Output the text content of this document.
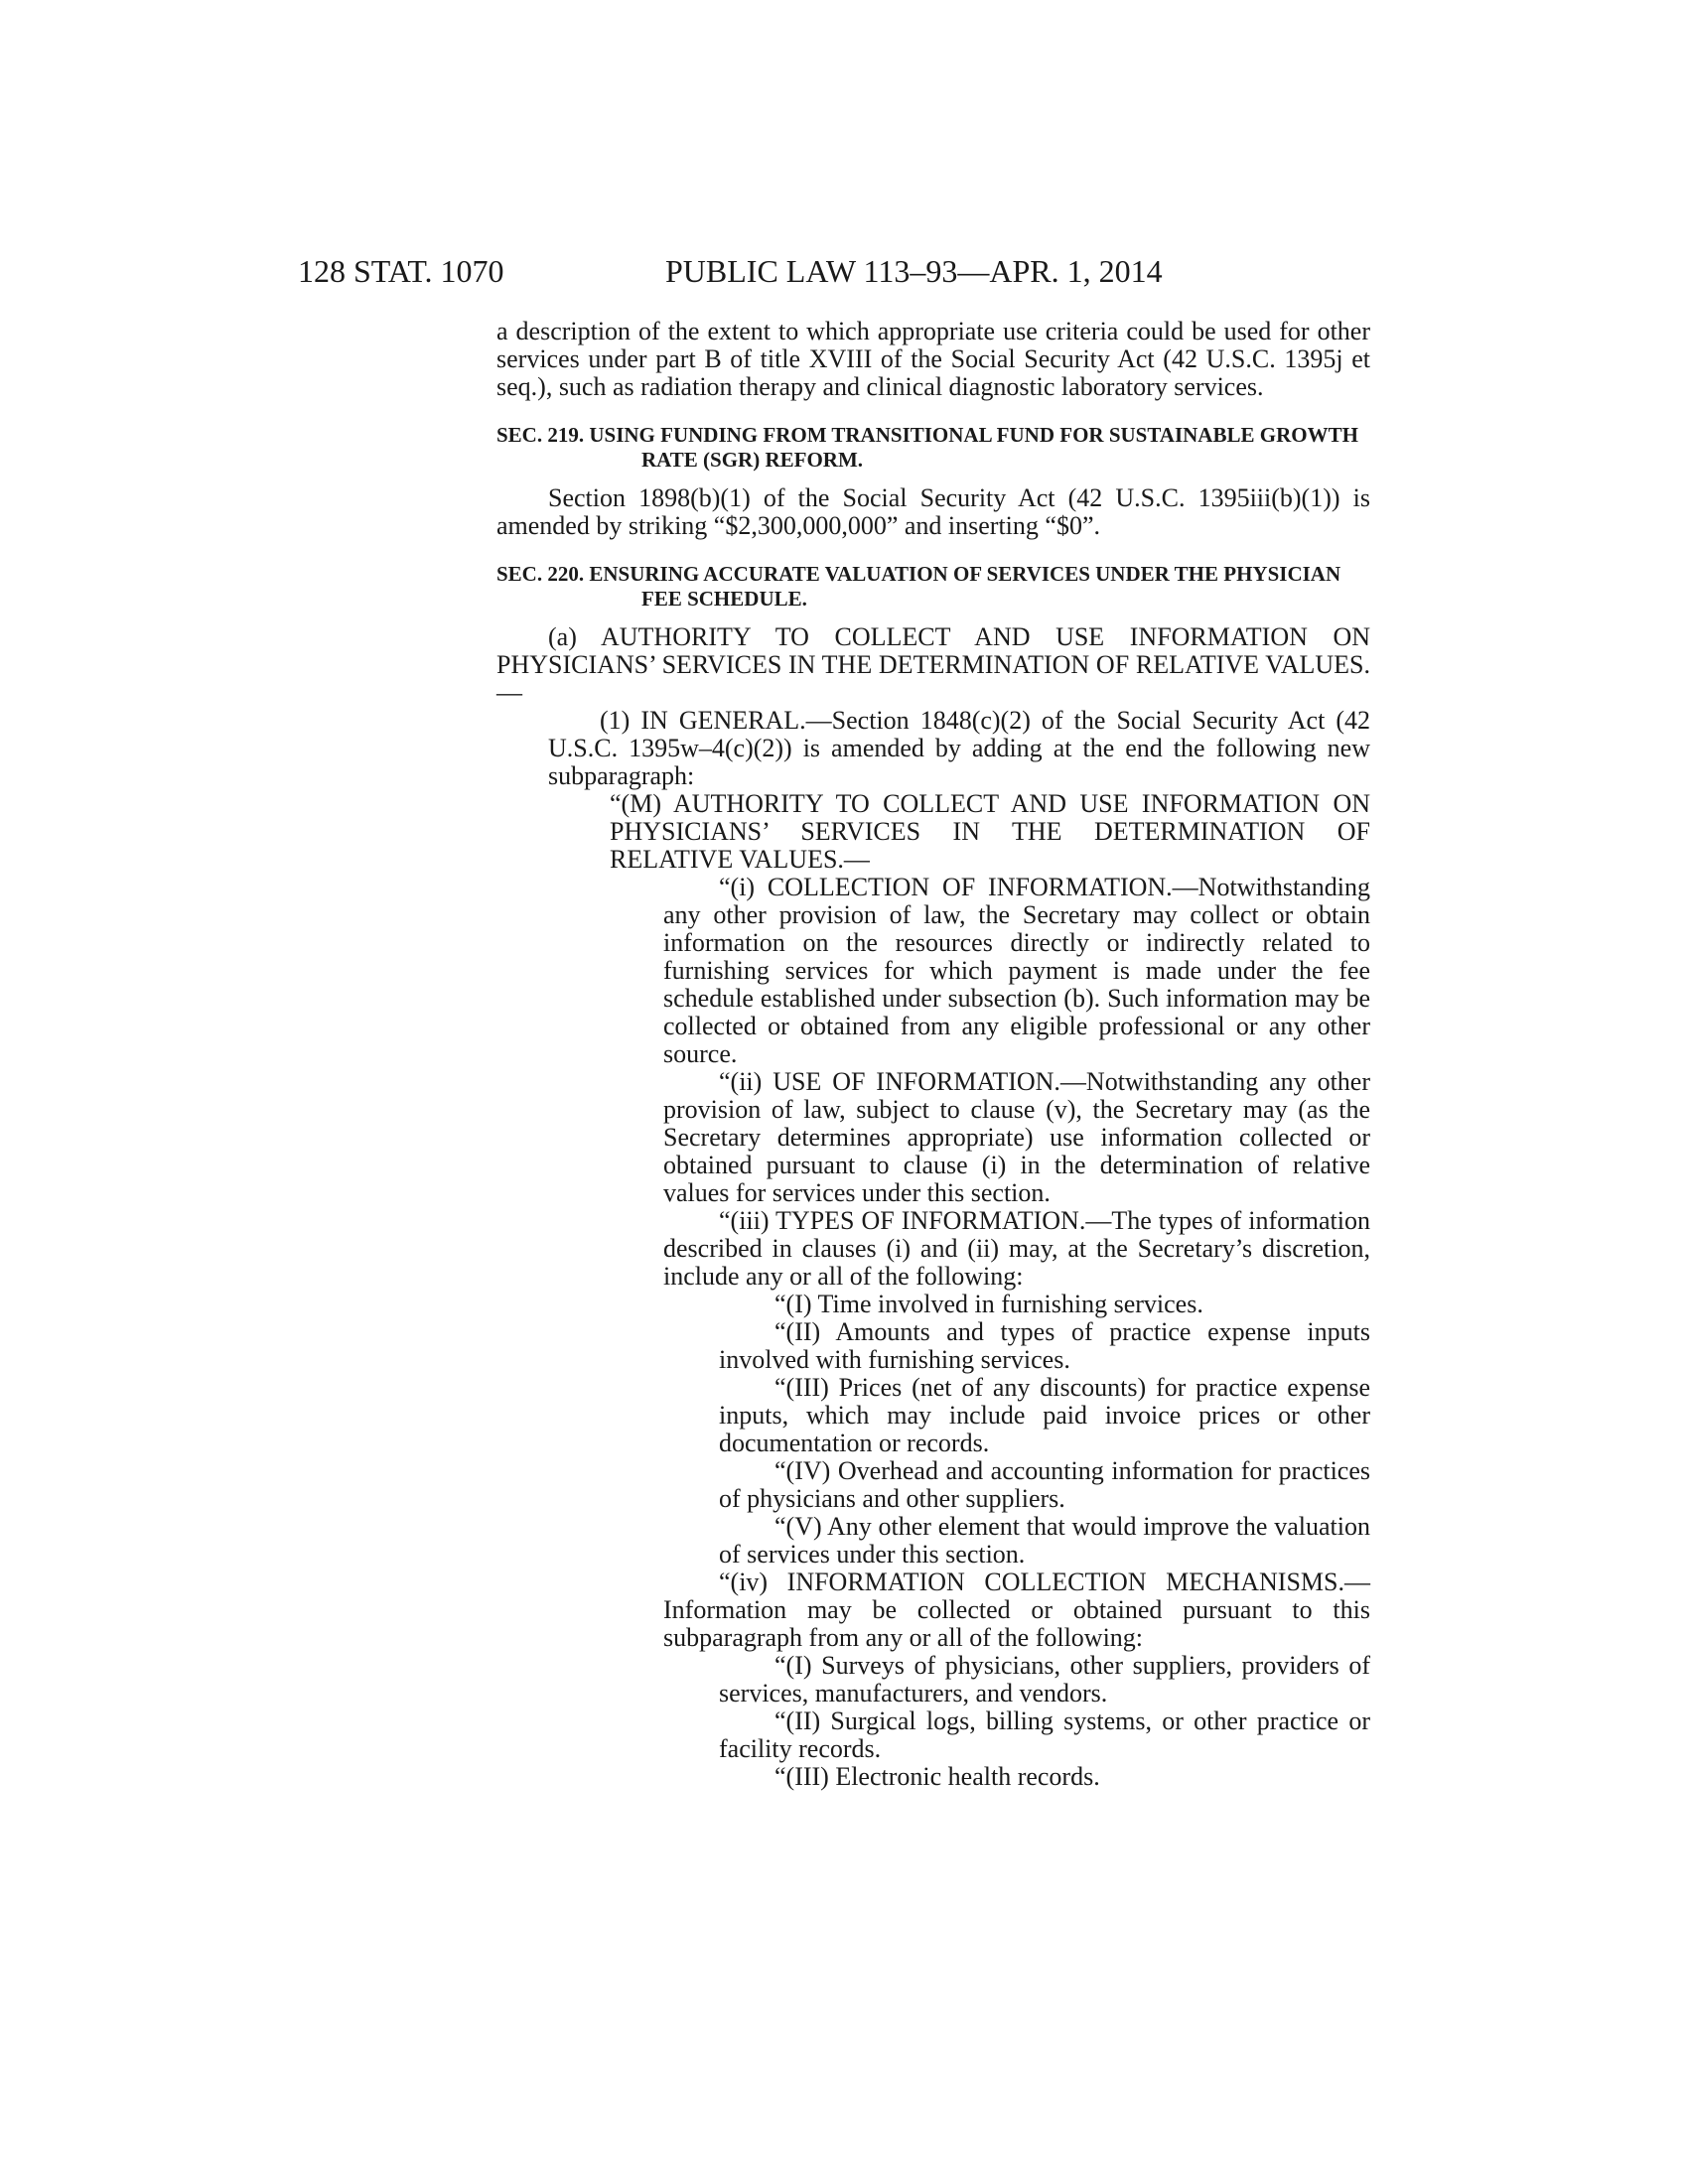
128 STAT. 1070	PUBLIC LAW 113–93—APR. 1, 2014

a description of the extent to which appropriate use criteria could be used for other services under part B of title XVIII of the Social Security Act (42 U.S.C. 1395j et seq.), such as radiation therapy and clinical diagnostic laboratory services.

SEC. 219. USING FUNDING FROM TRANSITIONAL FUND FOR SUSTAINABLE GROWTH RATE (SGR) REFORM.

Section 1898(b)(1) of the Social Security Act (42 U.S.C. 1395iii(b)(1)) is amended by striking “$2,300,000,000” and inserting “$0”.

SEC. 220. ENSURING ACCURATE VALUATION OF SERVICES UNDER THE PHYSICIAN FEE SCHEDULE.

(a) AUTHORITY TO COLLECT AND USE INFORMATION ON PHYSICIANS’ SERVICES IN THE DETERMINATION OF RELATIVE VALUES.—

(1) IN GENERAL.—Section 1848(c)(2) of the Social Security Act (42 U.S.C. 1395w–4(c)(2)) is amended by adding at the end the following new subparagraph:

“(M) AUTHORITY TO COLLECT AND USE INFORMATION ON PHYSICIANS’ SERVICES IN THE DETERMINATION OF RELATIVE VALUES.—

“(i) COLLECTION OF INFORMATION.—Notwithstanding any other provision of law, the Secretary may collect or obtain information on the resources directly or indirectly related to furnishing services for which payment is made under the fee schedule established under subsection (b). Such information may be collected or obtained from any eligible professional or any other source.

“(ii) USE OF INFORMATION.—Notwithstanding any other provision of law, subject to clause (v), the Secretary may (as the Secretary determines appropriate) use information collected or obtained pursuant to clause (i) in the determination of relative values for services under this section.

“(iii) TYPES OF INFORMATION.—The types of information described in clauses (i) and (ii) may, at the Secretary’s discretion, include any or all of the following:

“(I) Time involved in furnishing services.

“(II) Amounts and types of practice expense inputs involved with furnishing services.

“(III) Prices (net of any discounts) for practice expense inputs, which may include paid invoice prices or other documentation or records.

“(IV) Overhead and accounting information for practices of physicians and other suppliers.

“(V) Any other element that would improve the valuation of services under this section.

“(iv) INFORMATION COLLECTION MECHANISMS.—Information may be collected or obtained pursuant to this subparagraph from any or all of the following:

“(I) Surveys of physicians, other suppliers, providers of services, manufacturers, and vendors.

“(II) Surgical logs, billing systems, or other practice or facility records.

“(III) Electronic health records.
